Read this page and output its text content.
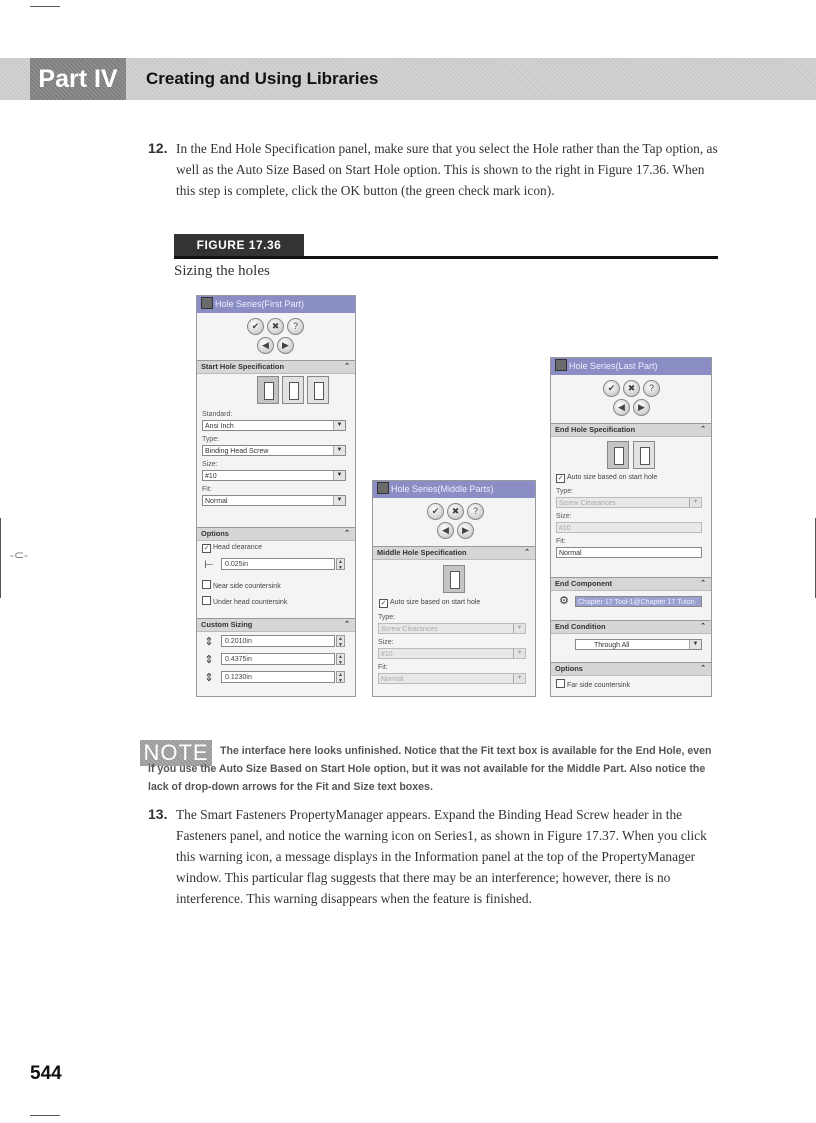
-⊂-
Part IV	Creating and Using Libraries
12. In the End Hole Specification panel, make sure that you select the Hole rather than the Tap option, as well as the Auto Size Based on Start Hole option. This is shown to the right in Figure 17.36. When this step is complete, click the OK button (the green check mark icon).
FIGURE 17.36
Sizing the holes
Hole Series(First Part)
✔	✖	?
◀	▶
Start Hole Specification	⌃
Standard:
Ansi Inch	▼
Type:
Binding Head Screw	▼
Size:
#10	▼
Fit:
Normal	▼
Options	⌃
✓ Head clearance
⊢	0.025in	▲
▼
Near side countersink
Under head countersink
Custom Sizing	⌃
⇕	0.2010in	▲
▼
⇕	0.4375in	▲
▼
⇕	0.1230in	▲
▼
Hole Series(Middle Parts)
✔	✖	?
◀	▶
Middle Hole Specification	⌃
✓ Auto size based on start hole
Type:
Screw Clearances	▼
Size:
#10	▼
Fit:
Normal	▼
Hole Series(Last Part)
✔	✖	?
◀	▶
End Hole Specification	⌃
✓ Auto size based on start hole
Type:
Screw Clearances	▼
Size:
#10
Fit:
Normal
End Component	⌃
⚙	Chapter 17 Tool-1@Chapter 17 Tutori
End Condition	⌃
Through All	▼
Options	⌃
Far side countersink
NOTE	The interface here looks unfinished. Notice that the Fit text box is available for the End Hole, even if you use the Auto Size Based on Start Hole option, but it was not available for the Middle Part. Also notice the lack of drop-down arrows for the Fit and Size text boxes.
13. The Smart Fasteners PropertyManager appears. Expand the Binding Head Screw header in the Fasteners panel, and notice the warning icon on Series1, as shown in Figure 17.37. When you click this warning icon, a message displays in the Information panel at the top of the PropertyManager window. This particular flag suggests that there may be an interference; however, there is no interference. This warning disappears when the feature is finished.
544
